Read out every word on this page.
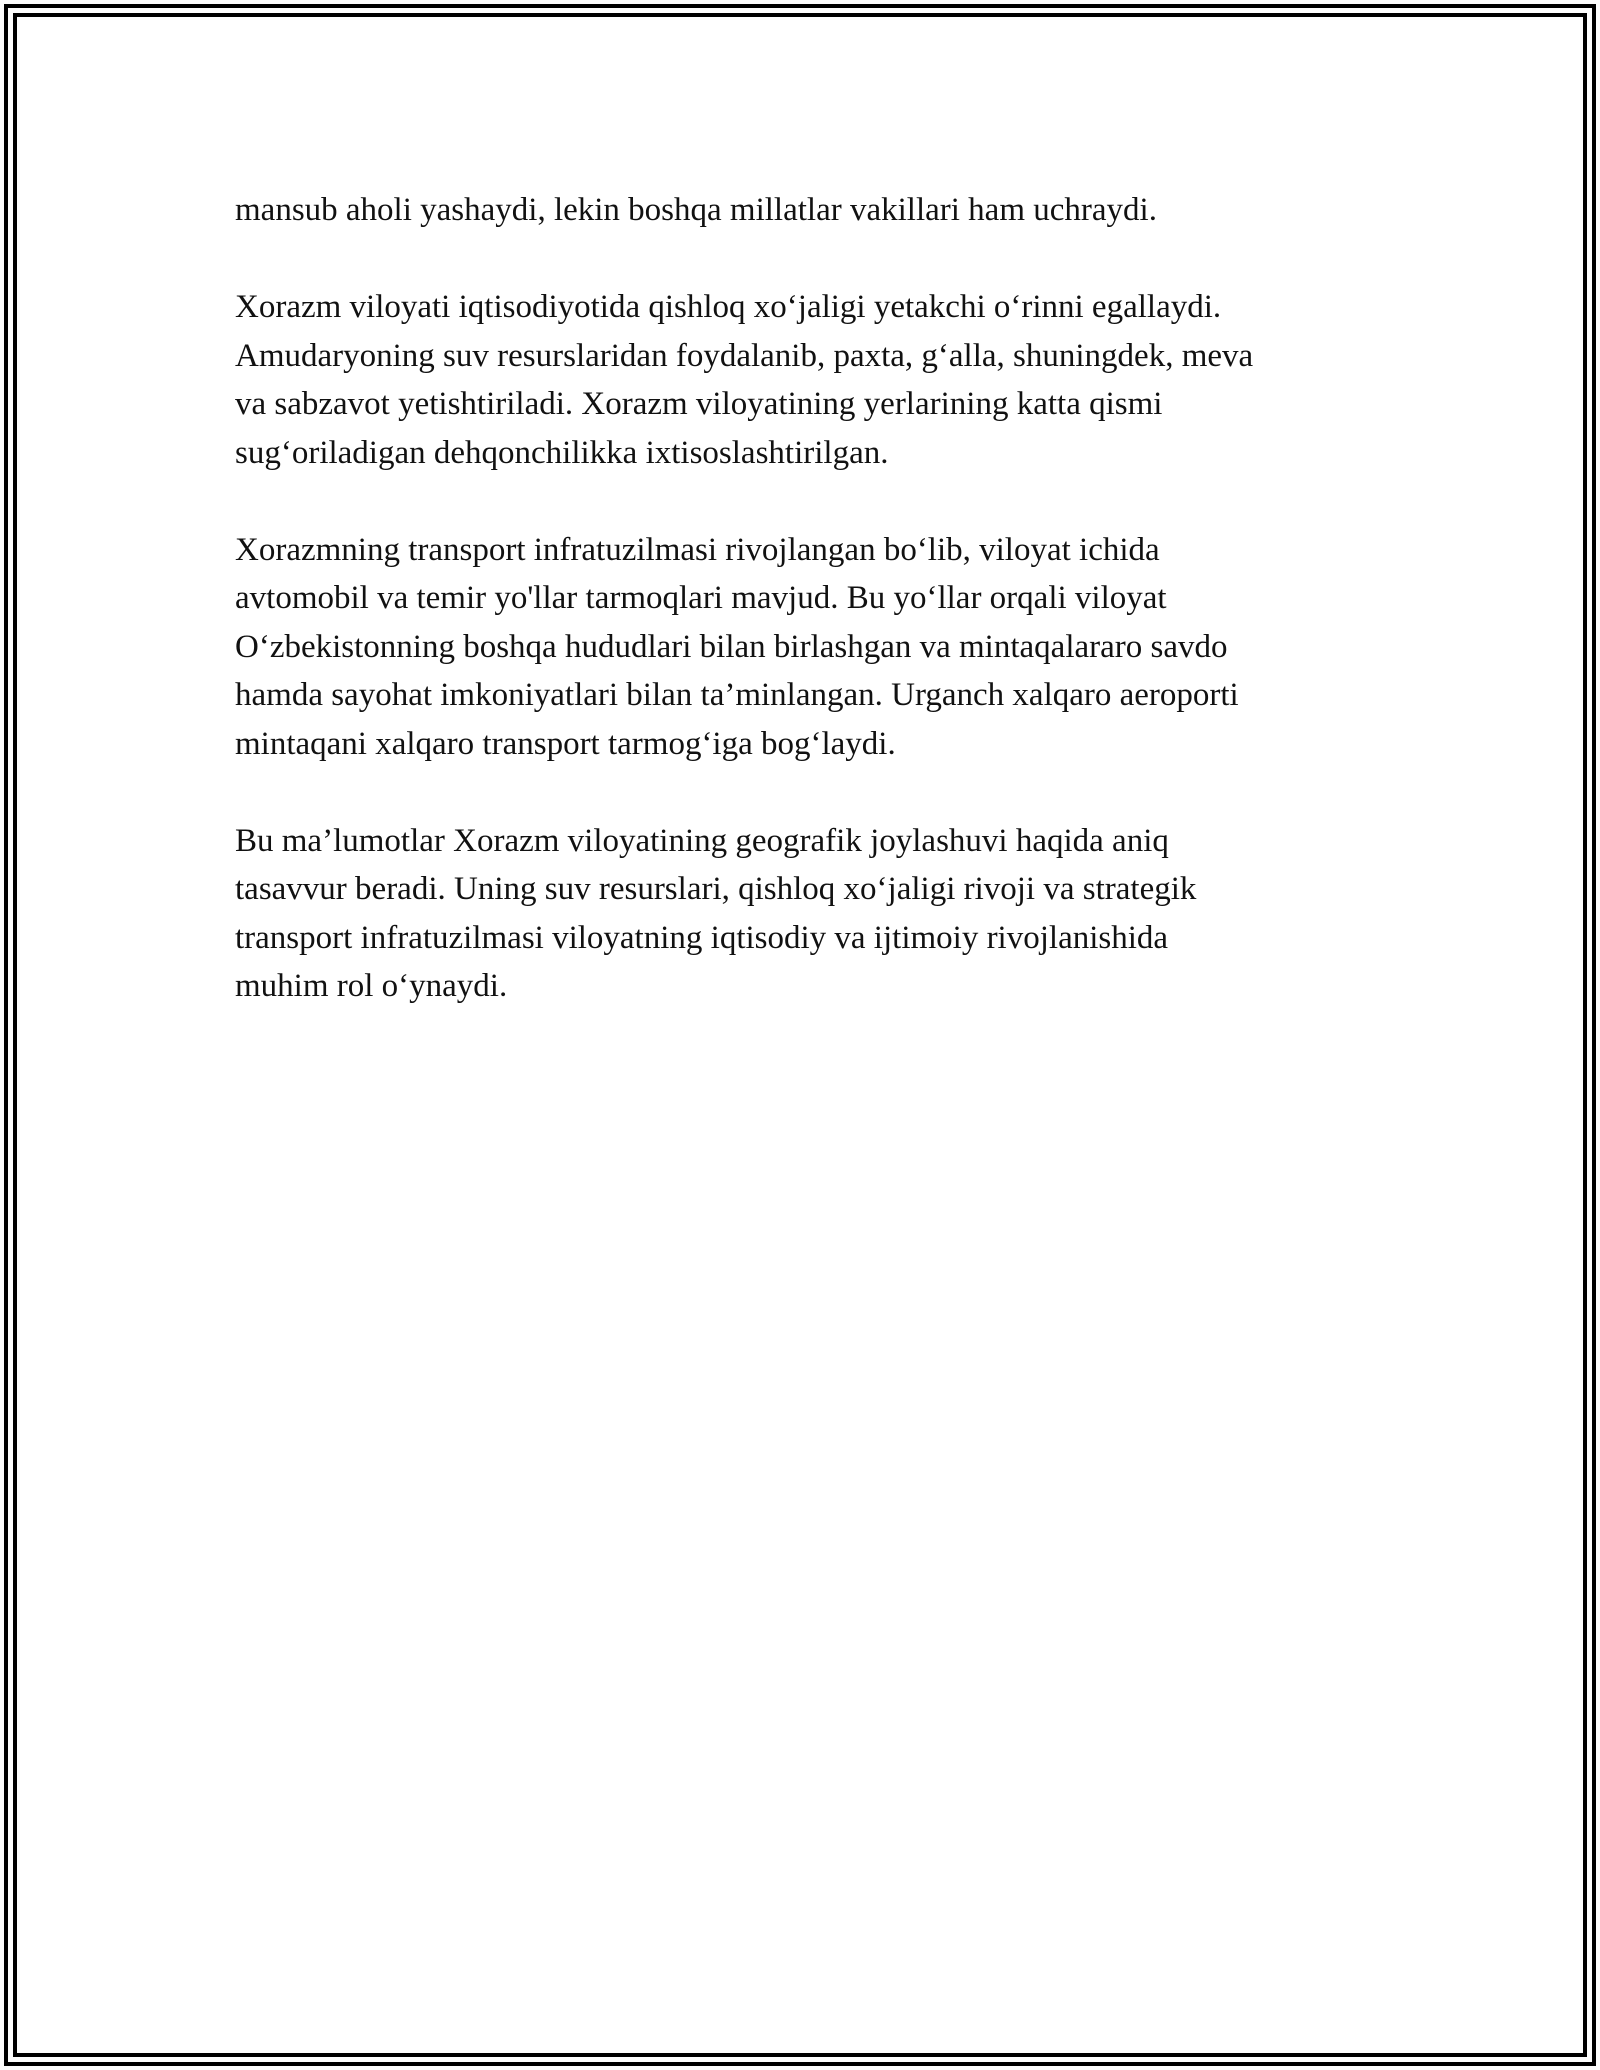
mansub aholi yashaydi, lekin boshqa millatlar vakillari ham uchraydi.

Xorazm viloyati iqtisodiyotida qishloq xo‘jaligi yetakchi o‘rinni egallaydi.
Amudaryoning suv resurslaridan foydalanib, paxta, g‘alla, shuningdek, meva
va sabzavot yetishtiriladi. Xorazm viloyatining yerlarining katta qismi
sug‘oriladigan dehqonchilikka ixtisoslashtirilgan.

Xorazmning transport infratuzilmasi rivojlangan bo‘lib, viloyat ichida
avtomobil va temir yo'llar tarmoqlari mavjud. Bu yo‘llar orqali viloyat
O‘zbekistonning boshqa hududlari bilan birlashgan va mintaqalararo savdo
hamda sayohat imkoniyatlari bilan ta’minlangan. Urganch xalqaro aeroporti
mintaqani xalqaro transport tarmog‘iga bog‘laydi.

Bu ma’lumotlar Xorazm viloyatining geografik joylashuvi haqida aniq
tasavvur beradi. Uning suv resurslari, qishloq xo‘jaligi rivoji va strategik
transport infratuzilmasi viloyatning iqtisodiy va ijtimoiy rivojlanishida
muhim rol o‘ynaydi.
